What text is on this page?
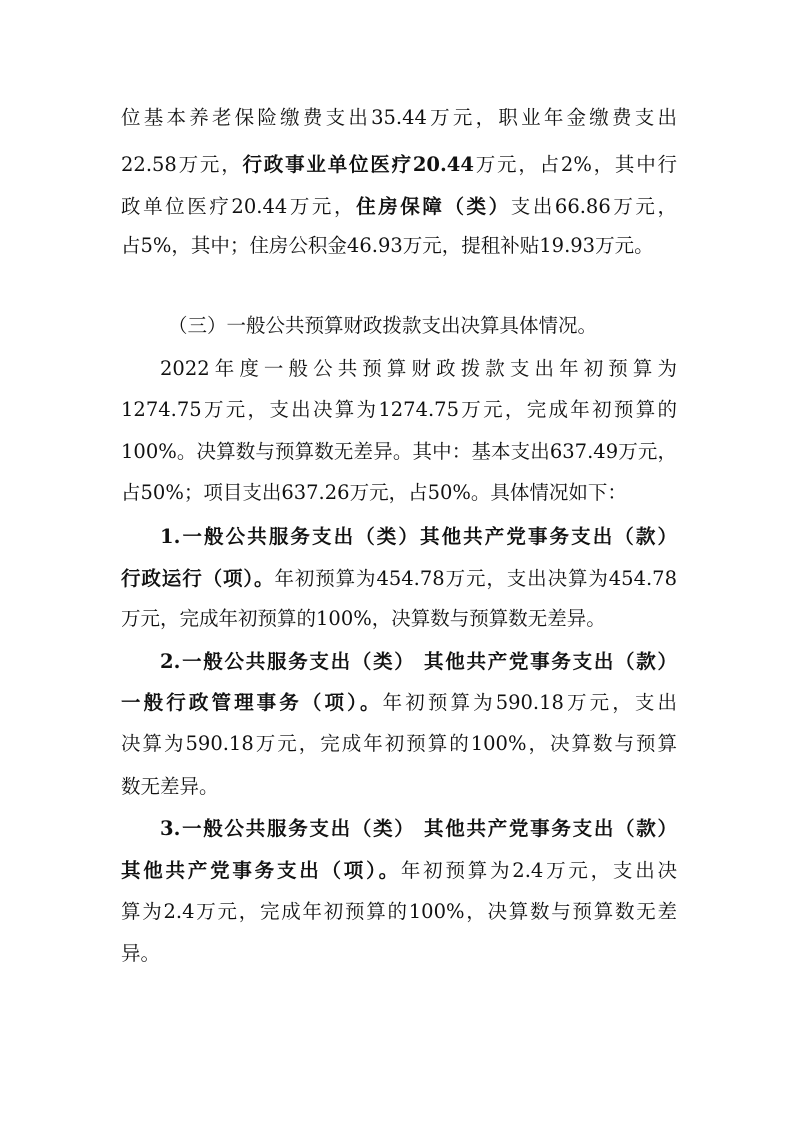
位基本养老保险缴费支出35.44万元，职业年金缴费支出
22.58万元，行政事业单位医疗20.44万元，占2%，其中行
政单位医疗20.44万元，住房保障（类）支出66.86万元，
占5%，其中；住房公积金46.93万元，提租补贴19.93万元。
（三）一般公共预算财政拨款支出决算具体情况。
2022年度一般公共预算财政拨款支出年初预算为
1274.75万元，支出决算为1274.75万元，完成年初预算的
100%。决算数与预算数无差异。其中：基本支出637.49万元，
占50%；项目支出637.26万元，占50%。具体情况如下：
1.一般公共服务支出（类）其他共产党事务支出（款）
行政运行（项）。年初预算为454.78万元，支出决算为454.78
万元，完成年初预算的100%，决算数与预算数无差异。
2.一般公共服务支出（类） 其他共产党事务支出（款）
一般行政管理事务（项）。年初预算为590.18万元，支出
决算为590.18万元，完成年初预算的100%，决算数与预算
数无差异。
3.一般公共服务支出（类） 其他共产党事务支出（款）
其他共产党事务支出（项）。年初预算为2.4万元，支出决
算为2.4万元，完成年初预算的100%，决算数与预算数无差
异。
